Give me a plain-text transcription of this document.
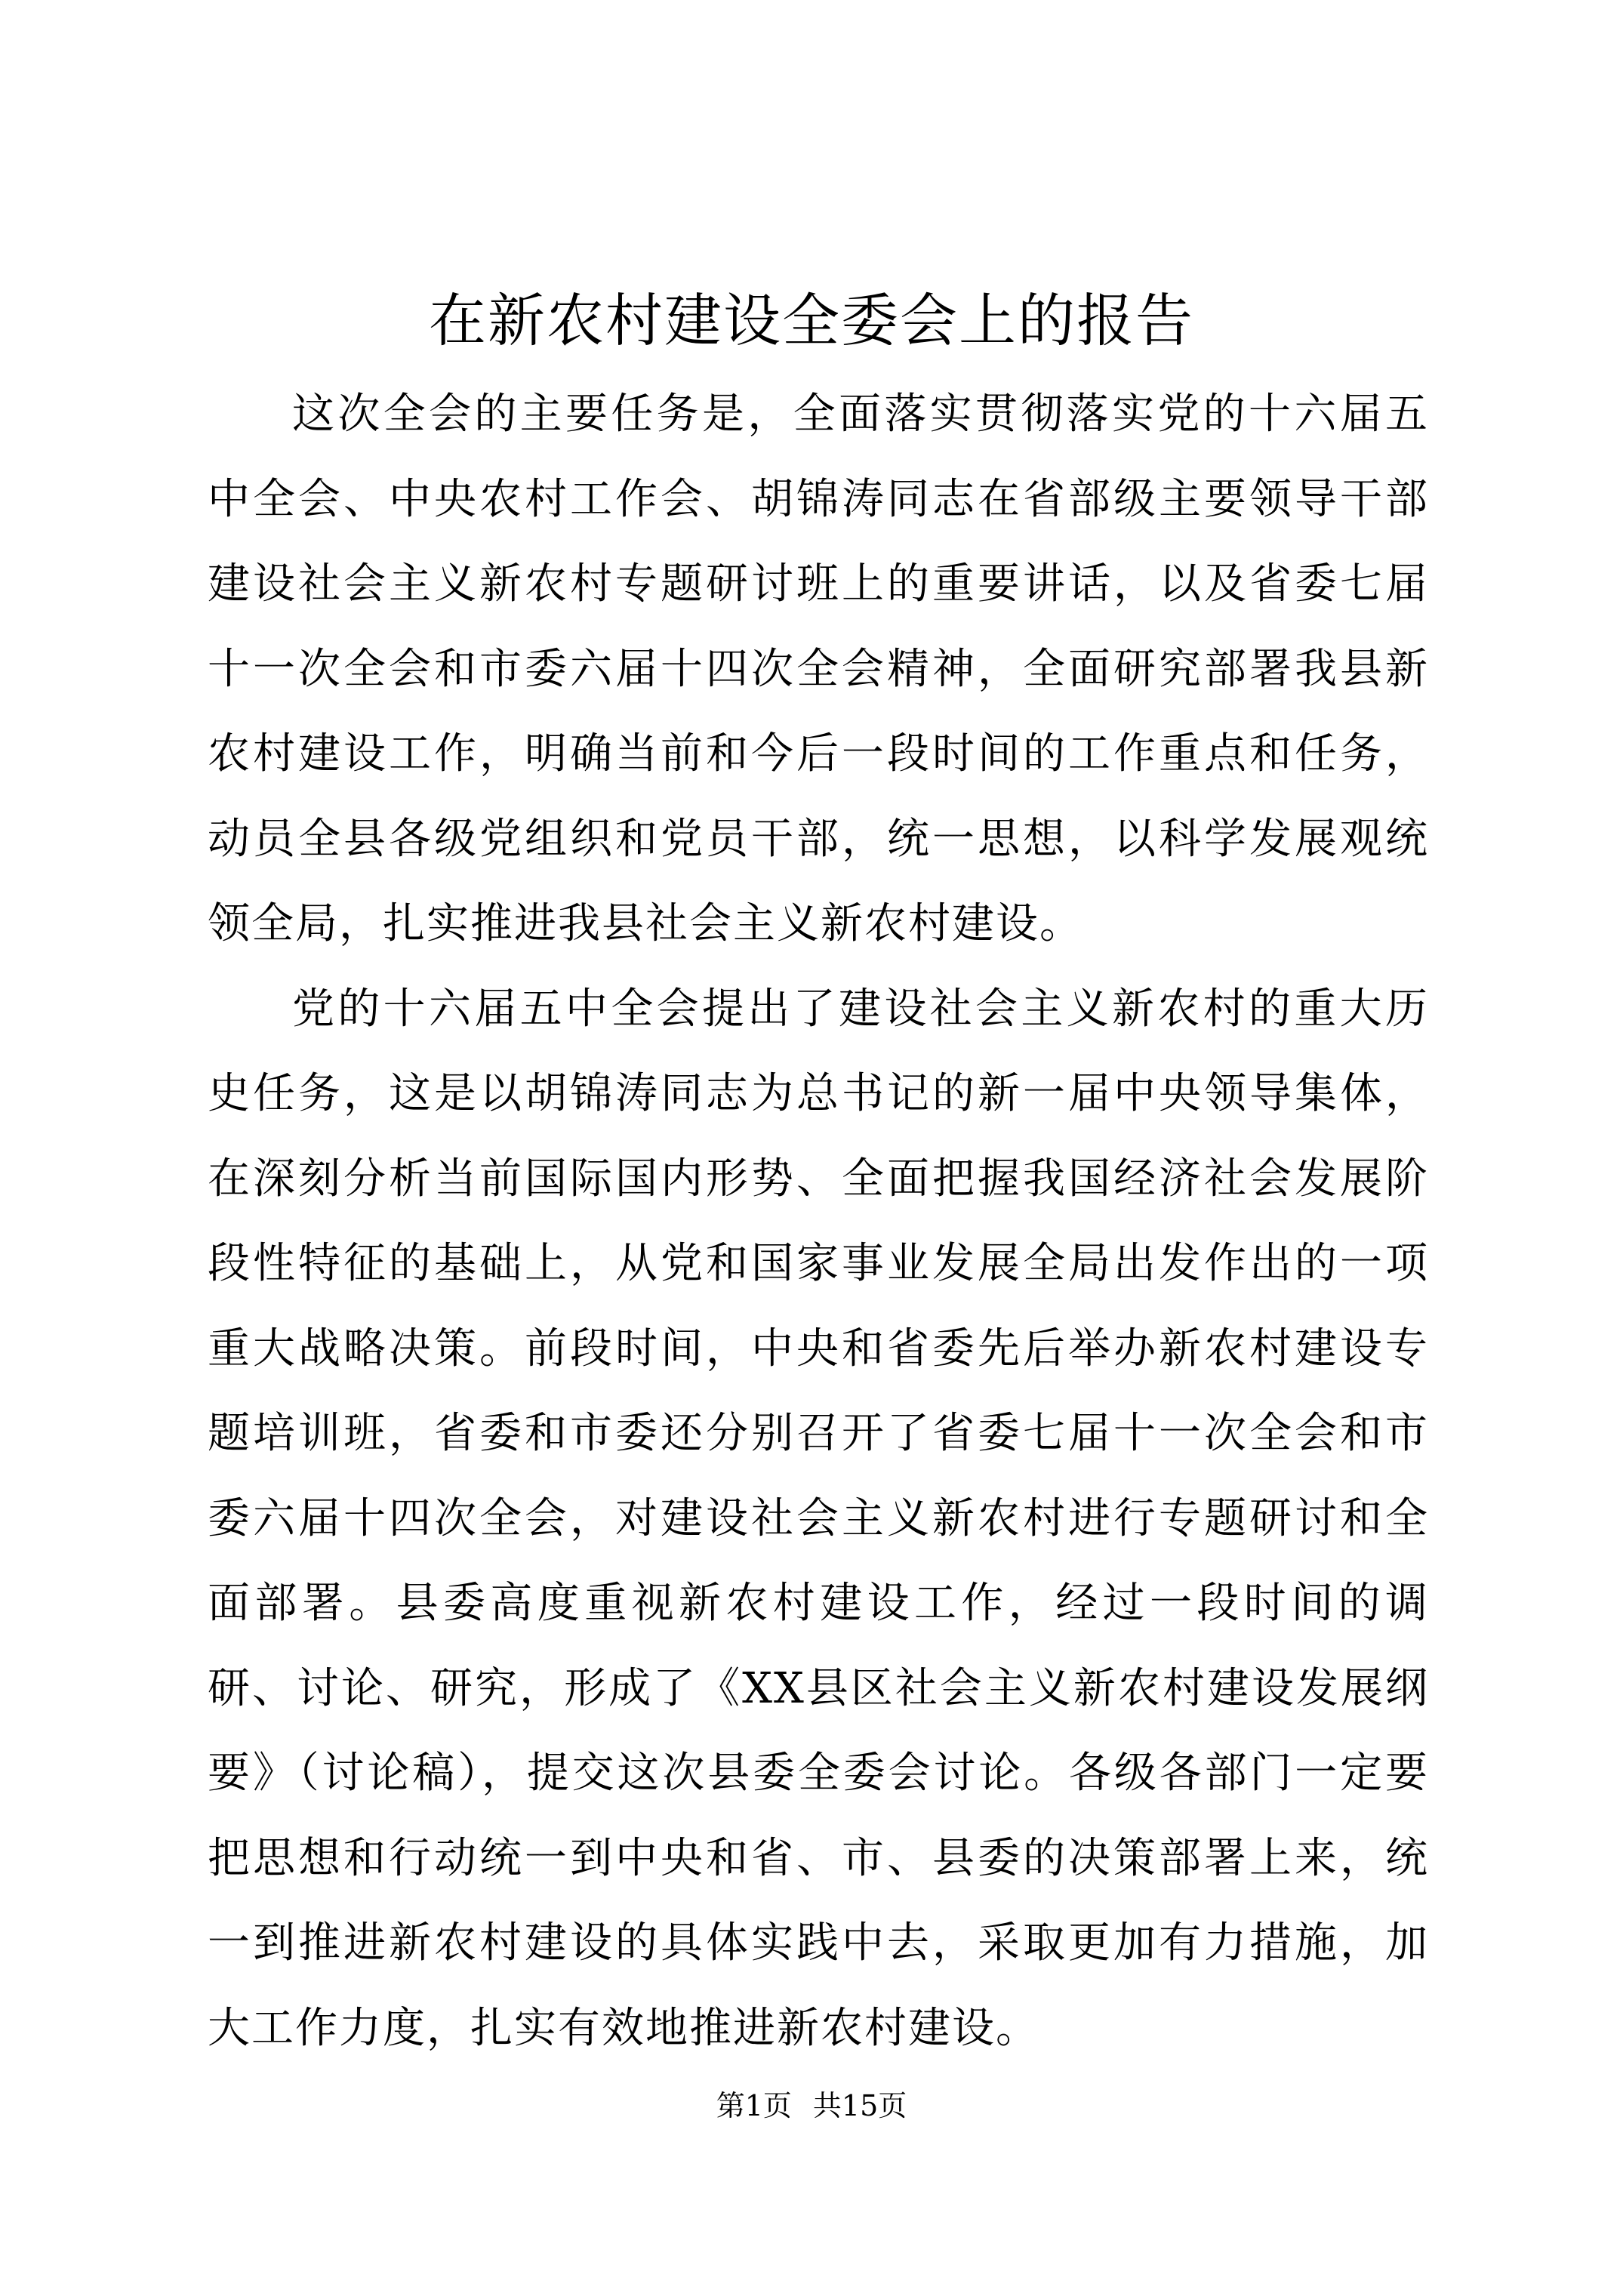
在新农村建设全委会上的报告

这次全会的主要任务是，全面落实贯彻落实党的十六届五中全会、中央农村工作会、胡锦涛同志在省部级主要领导干部建设社会主义新农村专题研讨班上的重要讲话，以及省委七届十一次全会和市委六届十四次全会精神，全面研究部署我县新农村建设工作，明确当前和今后一段时间的工作重点和任务，动员全县各级党组织和党员干部，统一思想，以科学发展观统领全局，扎实推进我县社会主义新农村建设。

党的十六届五中全会提出了建设社会主义新农村的重大历史任务，这是以胡锦涛同志为总书记的新一届中央领导集体，在深刻分析当前国际国内形势、全面把握我国经济社会发展阶段性特征的基础上，从党和国家事业发展全局出发作出的一项重大战略决策。前段时间，中央和省委先后举办新农村建设专题培训班，省委和市委还分别召开了省委七届十一次全会和市委六届十四次全会，对建设社会主义新农村进行专题研讨和全面部署。县委高度重视新农村建设工作，经过一段时间的调研、讨论、研究，形成了《XX县区社会主义新农村建设发展纲要》（讨论稿），提交这次县委全委会讨论。各级各部门一定要把思想和行动统一到中央和省、市、县委的决策部署上来，统一到推进新农村建设的具体实践中去，采取更加有力措施，加大工作力度，扎实有效地推进新农村建设。

第1页 共15页
